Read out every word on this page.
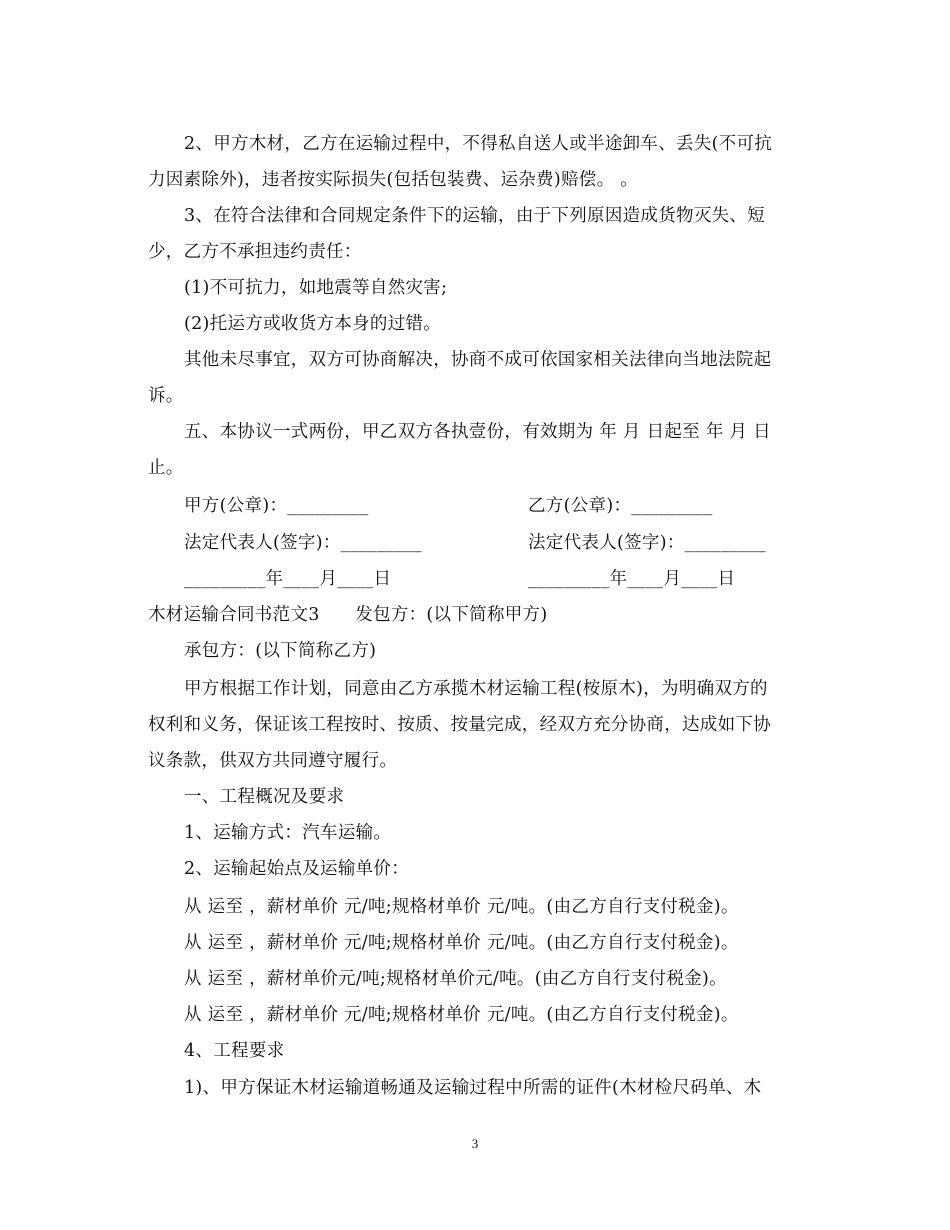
2、甲方木材，乙方在运输过程中，不得私自送人或半途卸车、丢失(不可抗
力因素除外)，违者按实际损失(包括包装费、运杂费)赔偿。 。
3、在符合法律和合同规定条件下的运输，由于下列原因造成货物灭失、短
少，乙方不承担违约责任：
(1)不可抗力，如地震等自然灾害;
(2)托运方或收货方本身的过错。
其他未尽事宜，双方可协商解决，协商不成可依国家相关法律向当地法院起
诉。
五、本协议一式两份，甲乙双方各执壹份，有效期为 年 月 日起至 年 月 日
止。
甲方(公章)：_________	乙方(公章)：_________
法定代表人(签字)：_________	法定代表人(签字)：_________
_________年____月____日	_________年____月____日
木材运输合同书范文3　　发包方：(以下简称甲方)
承包方：(以下简称乙方)
甲方根据工作计划，同意由乙方承揽木材运输工程(桉原木)，为明确双方的
权利和义务，保证该工程按时、按质、按量完成，经双方充分协商，达成如下协
议条款，供双方共同遵守履行。
一、工程概况及要求
1、运输方式：汽车运输。
2、运输起始点及运输单价：
从 运至 ，薪材单价 元/吨;规格材单价 元/吨。(由乙方自行支付税金)。
从 运至 ，薪材单价 元/吨;规格材单价 元/吨。(由乙方自行支付税金)。
从 运至 ，薪材单价元/吨;规格材单价元/吨。(由乙方自行支付税金)。
从 运至 ，薪材单价 元/吨;规格材单价 元/吨。(由乙方自行支付税金)。
4、工程要求
1)、甲方保证木材运输道畅通及运输过程中所需的证件(木材检尺码单、木
3
